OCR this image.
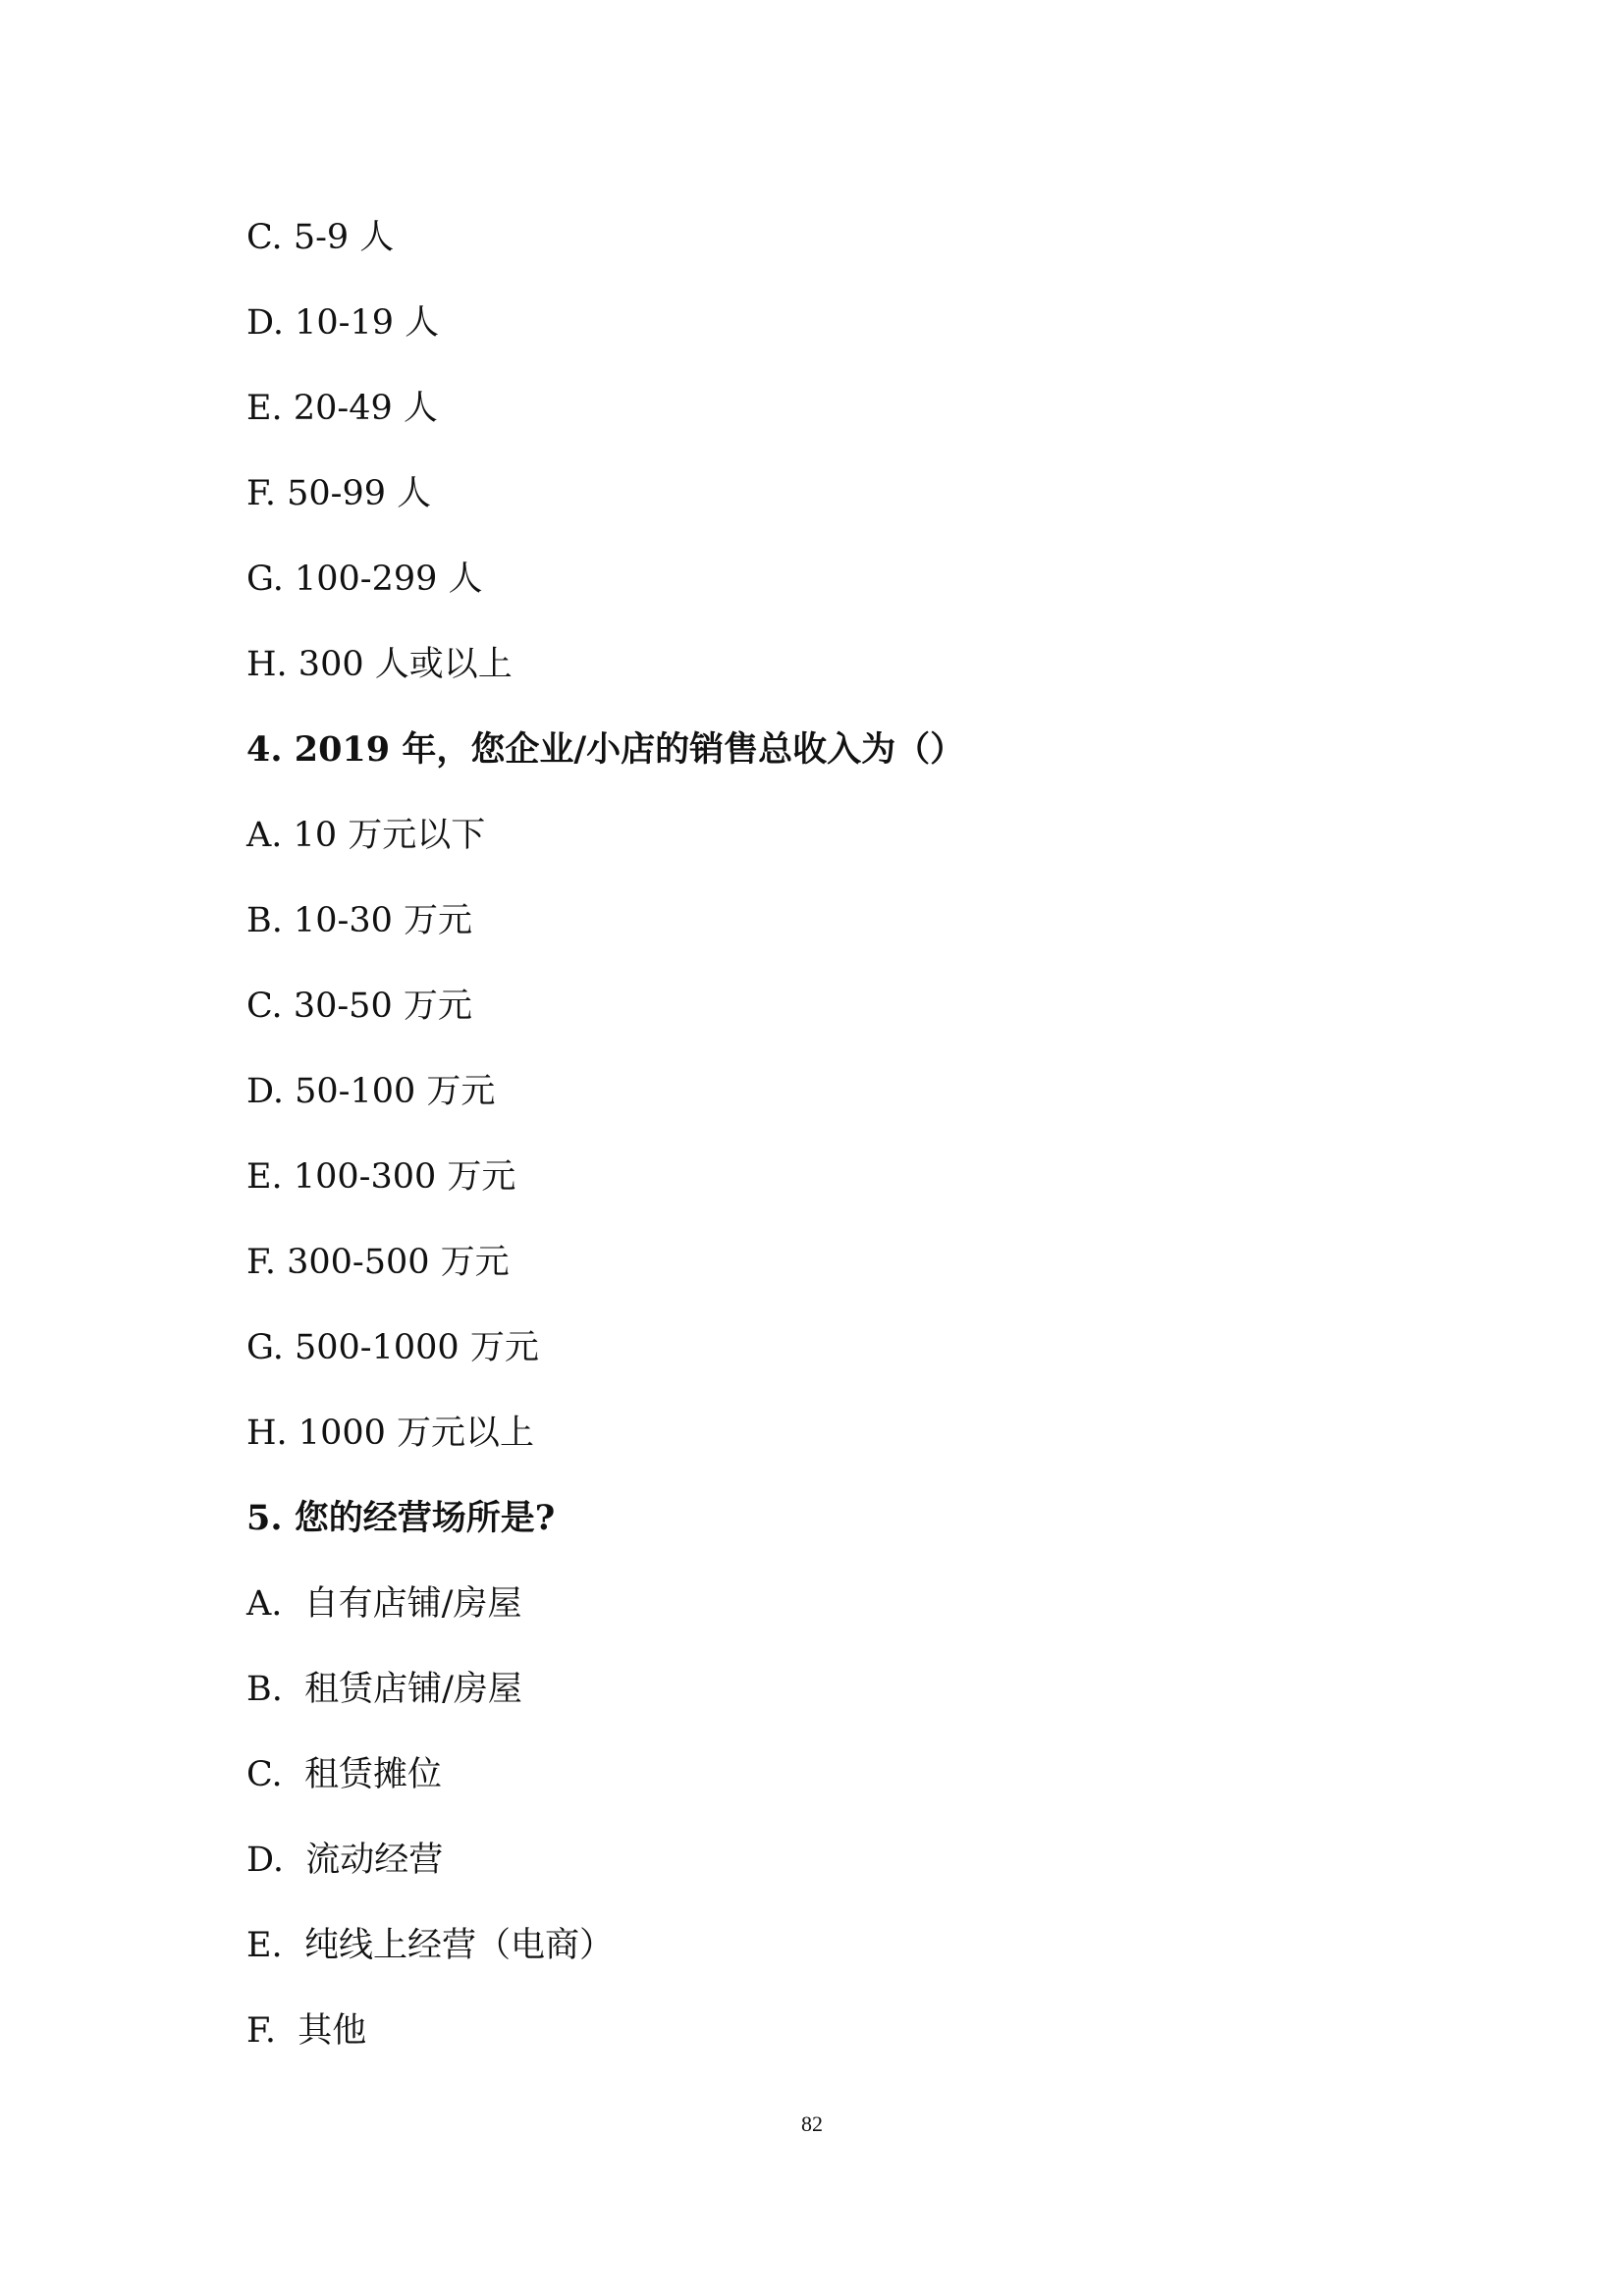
C. 5-9 人
D. 10-19 人
E. 20-49 人
F. 50-99 人
G. 100-299 人
H. 300 人或以上
4. 2019 年，您企业/小店的销售总收入为（）
A. 10 万元以下
B. 10-30 万元
C. 30-50 万元
D. 50-100 万元
E. 100-300 万元
F. 300-500 万元
G. 500-1000 万元
H. 1000 万元以上
5. 您的经营场所是?
A. 自有店铺/房屋
B. 租赁店铺/房屋
C. 租赁摊位
D. 流动经营
E. 纯线上经营（电商）
F. 其他
82
